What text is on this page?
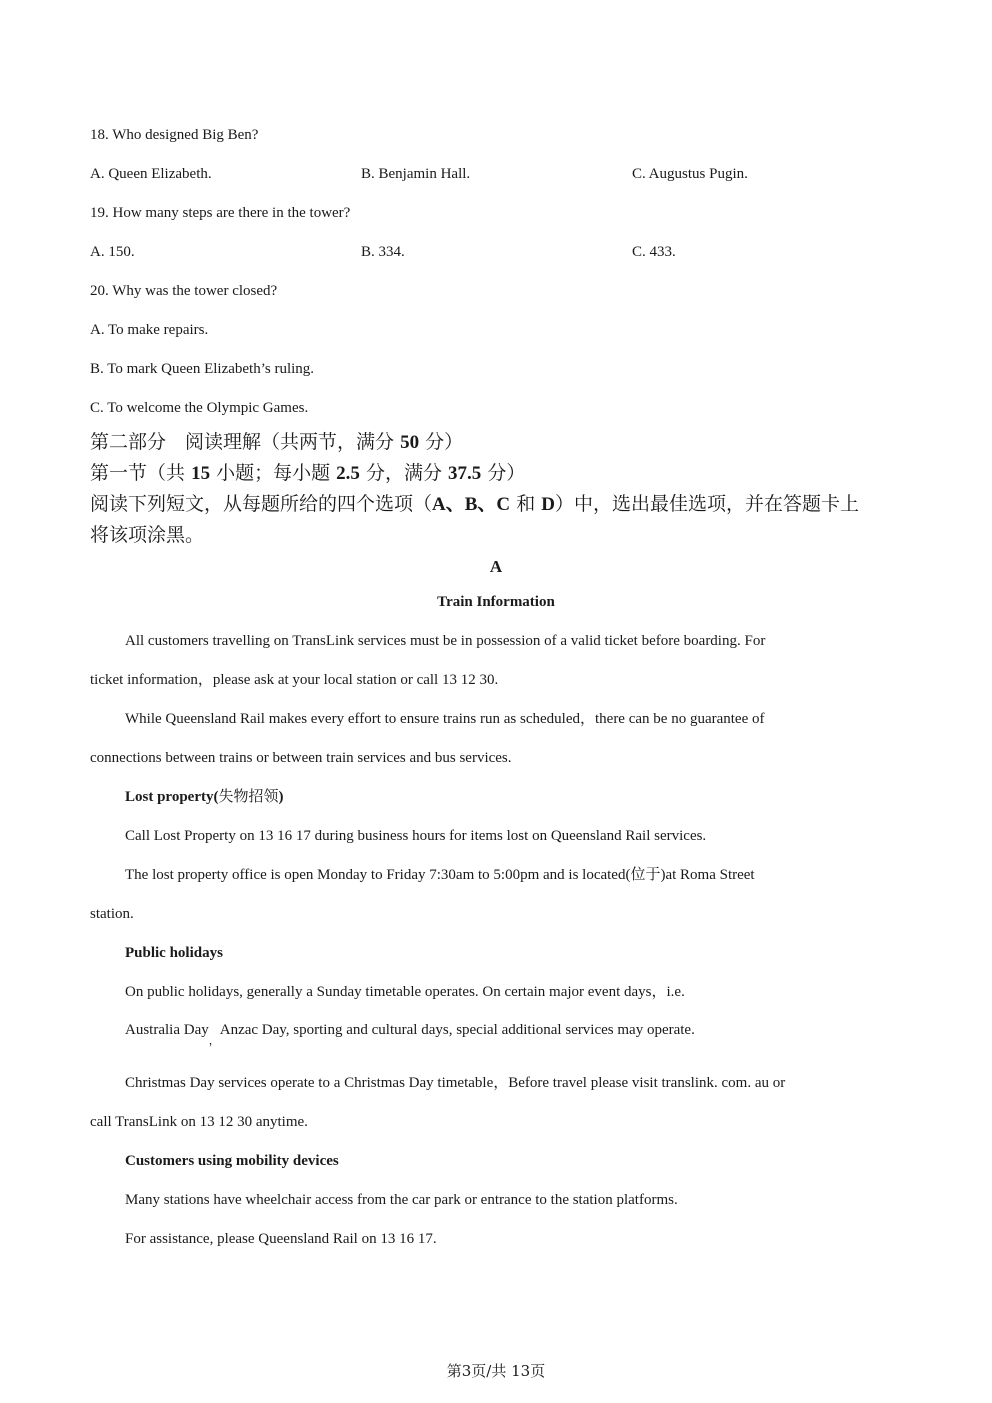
18. Who designed Big Ben?
A. Queen Elizabeth.	B. Benjamin Hall.	C. Augustus Pugin.
19. How many steps are there in the tower?
A. 150.	B. 334.	C. 433.
20. Why was the tower closed?
A. To make repairs.
B. To mark Queen Elizabeth’s ruling.
C. To welcome the Olympic Games.
第二部分　阅读理解（共两节，满分 50 分）
第一节（共 15 小题；每小题 2.5 分，满分 37.5 分）
阅读下列短文，从每题所给的四个选项（A、B、C 和 D）中，选出最佳选项，并在答题卡上
将该项涂黑。
A
Train Information
All customers travelling on TransLink services must be in possession of a valid ticket before boarding. For
ticket information，please ask at your local station or call 13 12 30.
While Queensland Rail makes every effort to ensure trains run as scheduled，there can be no guarantee of
connections between trains or between train services and bus services.
Lost property(失物招领)
Call Lost Property on 13 16 17 during business hours for items lost on Queensland Rail services.
The lost property office is open Monday to Friday 7:30am to 5:00pm and is located(位于)at Roma Street
station.
Public holidays
On public holidays, generally a Sunday timetable operates. On certain major event days，i.e.
Australia Day$_,$Anzac Day, sporting and cultural days, special additional services may operate.
Christmas Day services operate to a Christmas Day timetable，Before travel please visit translink. com. au or
call TransLink on 13 12 30 anytime.
Customers using mobility devices
Many stations have wheelchair access from the car park or entrance to the station platforms.
For assistance, please Queensland Rail on 13 16 17.
第3页/共 13页
